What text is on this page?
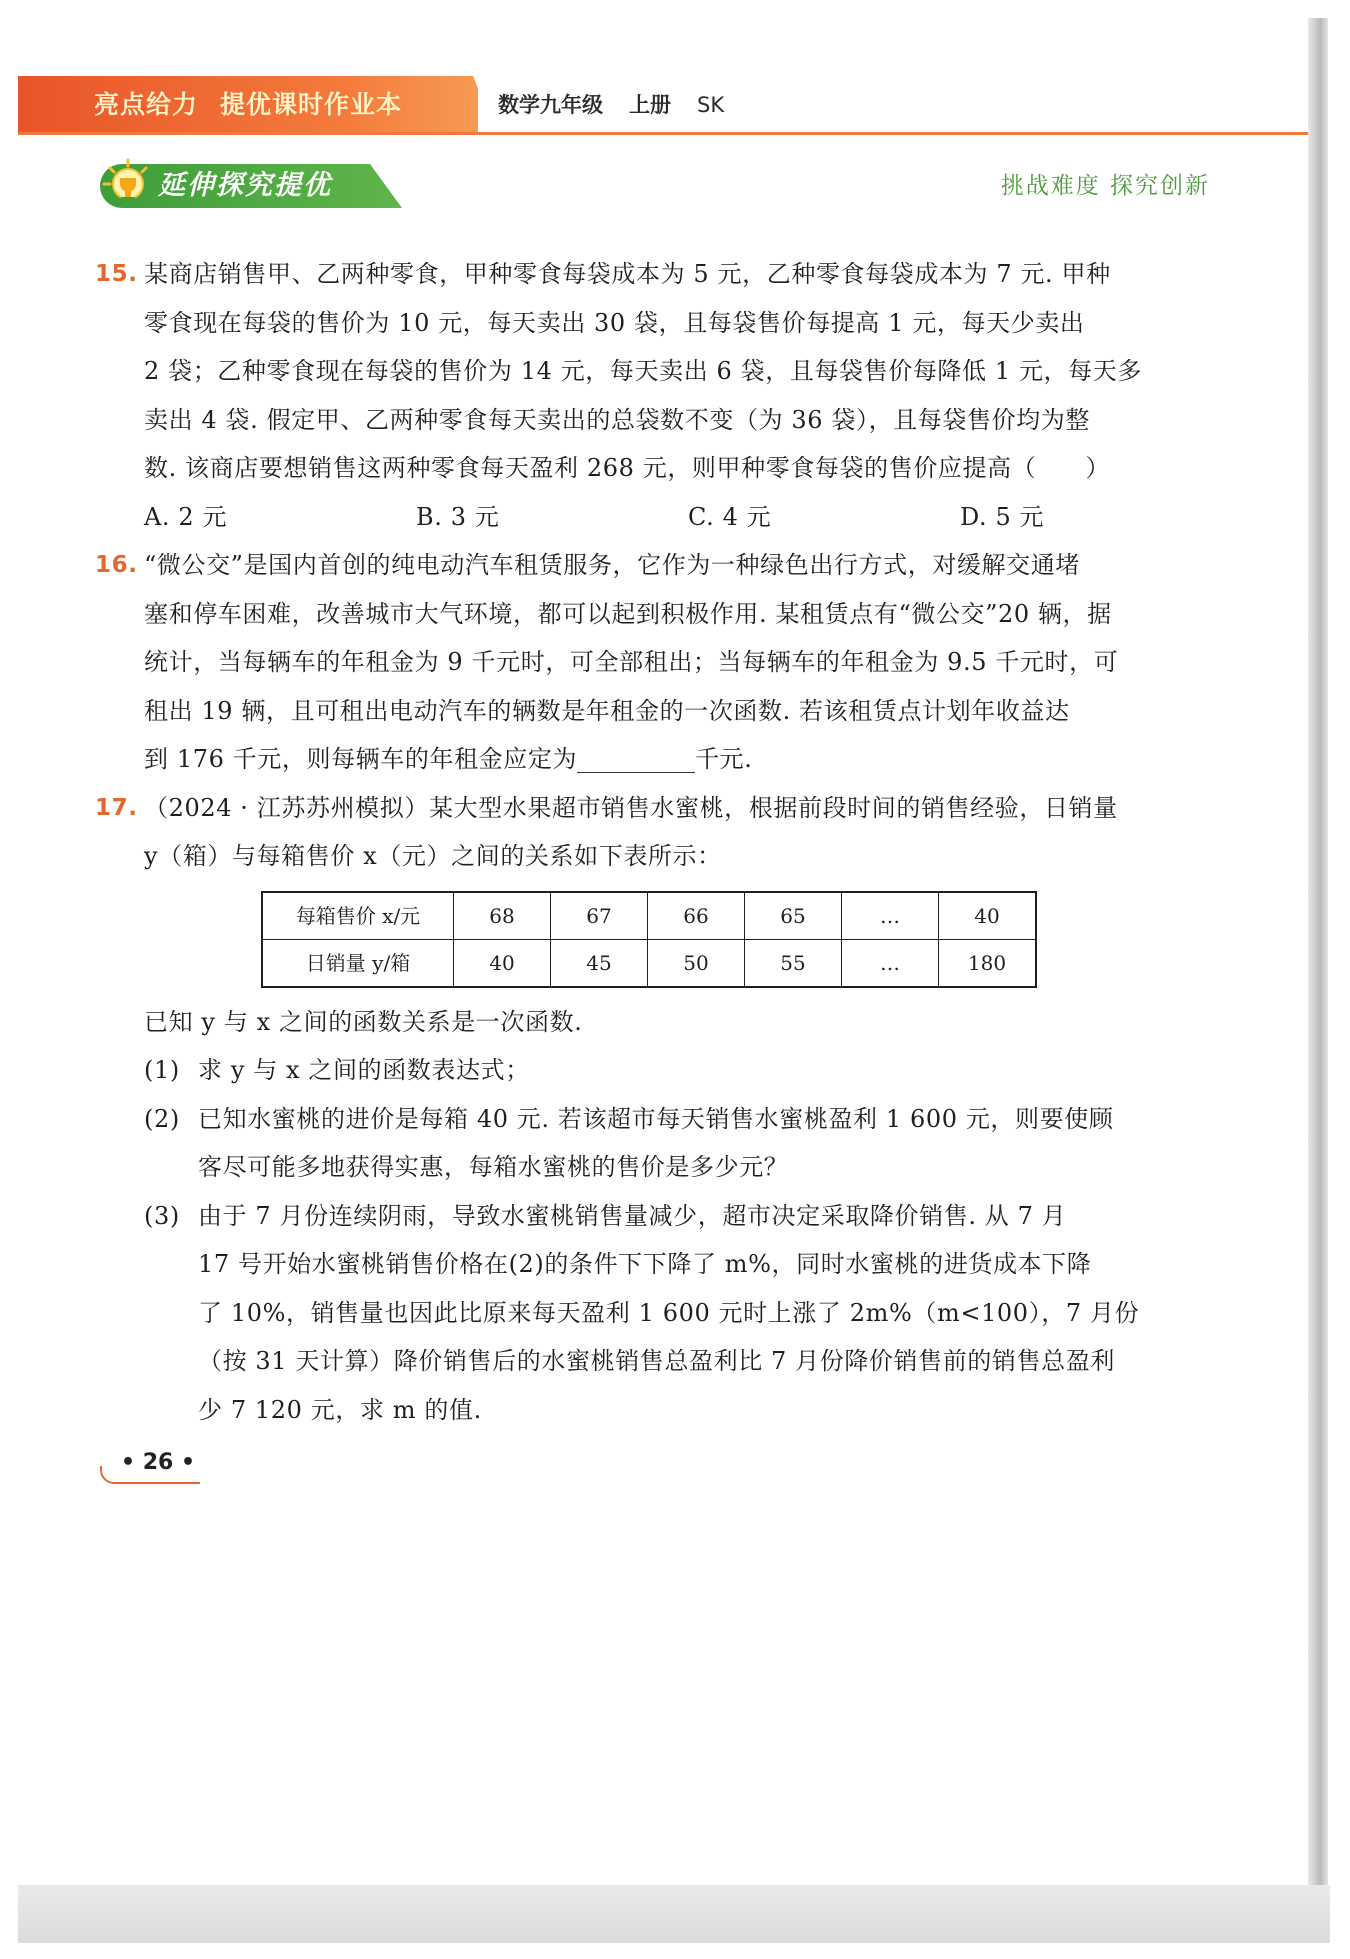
亮点给力 提优课时作业本	数学九年级 上册 SK
延伸探究提优	挑战难度 探究创新
15. 某商店销售甲、乙两种零食，甲种零食每袋成本为 5 元，乙种零食每袋成本为 7 元. 甲种

零食现在每袋的售价为 10 元，每天卖出 30 袋，且每袋售价每提高 1 元，每天少卖出

2 袋；乙种零食现在每袋的售价为 14 元，每天卖出 6 袋，且每袋售价每降低 1 元，每天多

卖出 4 袋. 假定甲、乙两种零食每天卖出的总袋数不变（为 36 袋），且每袋售价均为整

数. 该商店要想销售这两种零食每天盈利 268 元，则甲种零食每袋的售价应提高（　　）

A. 2 元	B. 3 元	C. 4 元	D. 5 元
16. “微公交”是国内首创的纯电动汽车租赁服务，它作为一种绿色出行方式，对缓解交通堵

塞和停车困难，改善城市大气环境，都可以起到积极作用. 某租赁点有“微公交”20 辆，据

统计，当每辆车的年租金为 9 千元时，可全部租出；当每辆车的年租金为 9.5 千元时，可

租出 19 辆，且可租出电动汽车的辆数是年租金的一次函数. 若该租赁点计划年收益达

到 176 千元，则每辆车的年租金应定为	千元.

17. （2024 · 江苏苏州模拟）某大型水果超市销售水蜜桃，根据前段时间的销售经验，日销量

y（箱）与每箱售价 x（元）之间的关系如下表所示：

每箱售价 x/元	68	67	66	65	…	40
日销量 y/箱	40	45	50	55	…	180

已知 y 与 x 之间的函数关系是一次函数.

(1) 求 y 与 x 之间的函数表达式；

(2) 已知水蜜桃的进价是每箱 40 元. 若该超市每天销售水蜜桃盈利 1 600 元，则要使顾

客尽可能多地获得实惠，每箱水蜜桃的售价是多少元？

(3) 由于 7 月份连续阴雨，导致水蜜桃销售量减少，超市决定采取降价销售. 从 7 月

17 号开始水蜜桃销售价格在(2)的条件下下降了 m%，同时水蜜桃的进货成本下降

了 10%，销售量也因此比原来每天盈利 1 600 元时上涨了 2m%（m<100），7 月份

（按 31 天计算）降价销售后的水蜜桃销售总盈利比 7 月份降价销售前的销售总盈利

少 7 120 元，求 m 的值.

• 26 •
